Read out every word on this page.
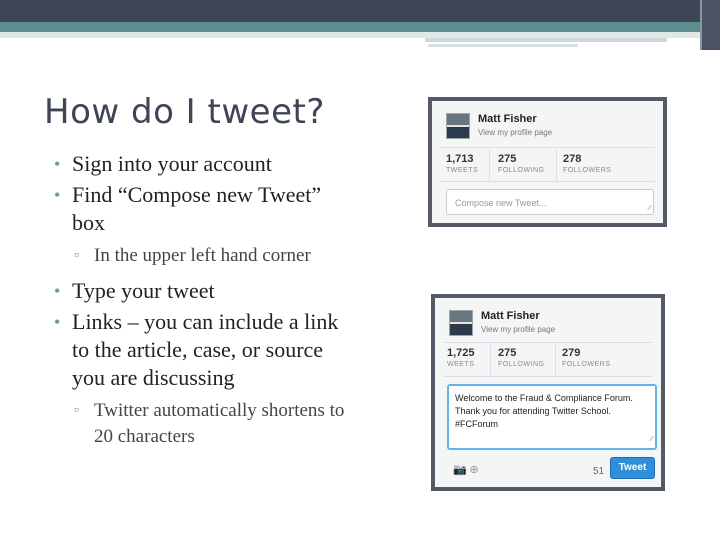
How do I tweet?
• Sign into your account
• Find “Compose new Tweet” box
▫ In the upper left hand corner
• Type your tweet
• Links – you can include a link to the article, case, or source you are discussing
▫ Twitter automatically shortens to 20 characters
Matt Fisher
View my profile page
1,713
TWEETS
275
FOLLOWING
278
FOLLOWERS
Compose new Tweet...
⁄⁄
Matt Fisher
View my profile page
1,725
WEETS
275
FOLLOWING
279
FOLLOWERS
Welcome to the Fraud & Compliance Forum. Thank you for attending Twitter School. #FCForum
⁄⁄
📷 ⊕	51	Tweet
